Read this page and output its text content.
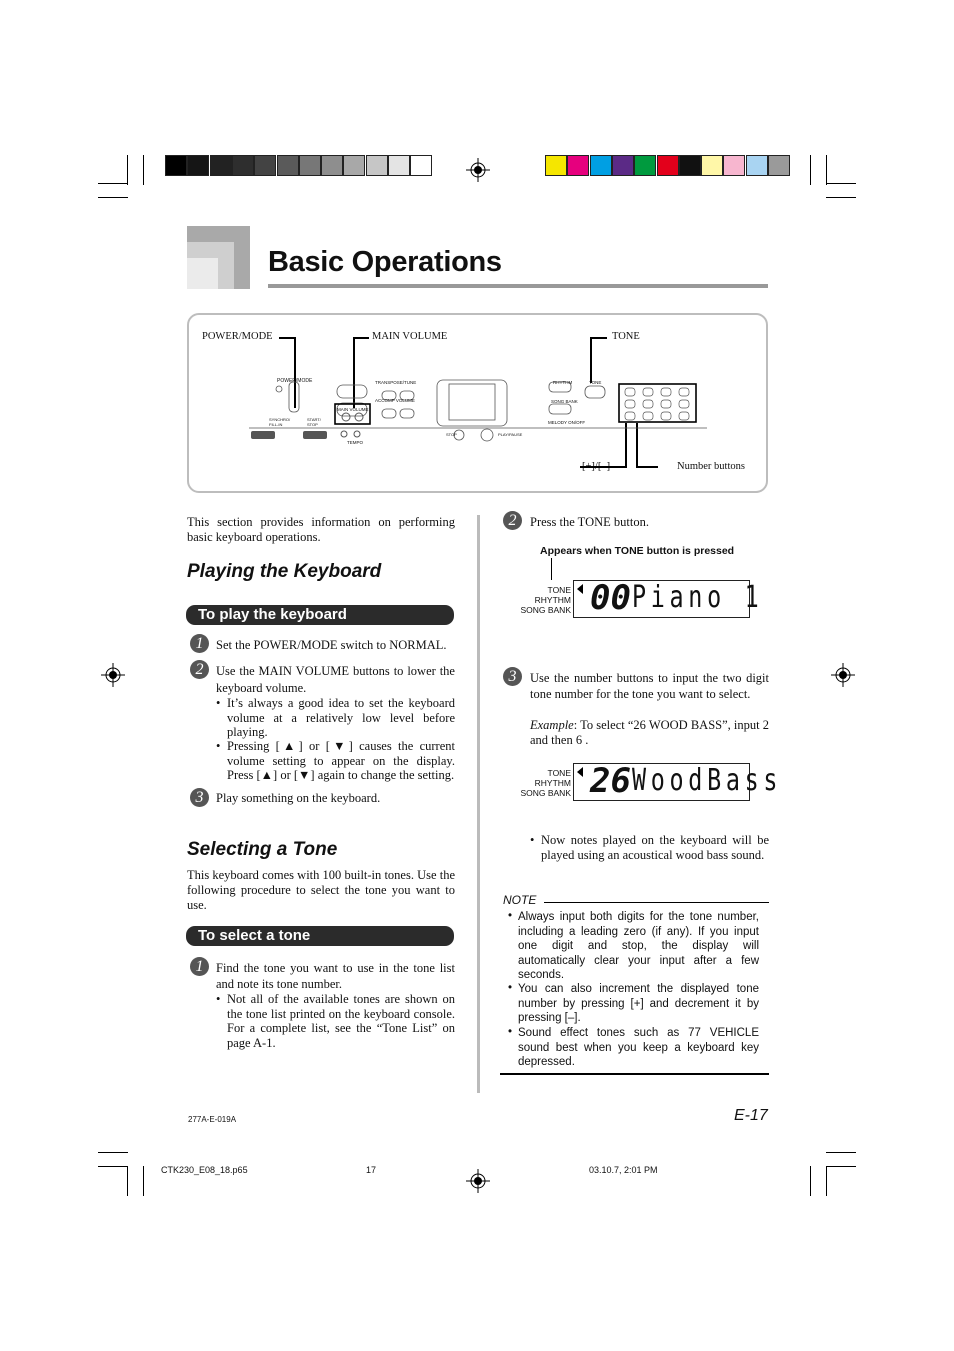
Basic Operations
POWER/MODE	MAIN VOLUME	TONE
[+]/[–]	Number buttons
POWER/MODE	TRANSPOSE/TUNE
ACCOMP VOLUME
MAIN VOLUME
TEMPO
RHYTHM
SONG BANK
MELODY ON/OFF
TONE
SYNCHRO/ FILL-IN
START/ STOP
PLAY/PAUSE
STOP
This section provides information on performing basic keyboard operations.
Playing the Keyboard
To play the keyboard
1	Set the POWER/MODE switch to NORMAL.
2	Use the MAIN VOLUME buttons to lower the keyboard volume.
• It’s always a good idea to set the keyboard volume at a relatively low level before playing.
• Pressing [▲] or [▼] causes the current volume setting to appear on the display. Press [▲] or [▼] again to change the setting.
3	Play something on the keyboard.
Selecting a Tone
This keyboard comes with 100 built-in tones. Use the following procedure to select the tone you want to use.
To select a tone
1	Find the tone you want to use in the tone list and note its tone number.
• Not all of the available tones are shown on the tone list printed on the keyboard console. For a complete list, see the “Tone List” on page A-1.
2	Press the TONE button.
Appears when TONE button is pressed
TONE
RHYTHM
SONG BANK 00 Piano 1
3	Use the number buttons to input the two digit tone number for the tone you want to select.
Example: To select “26 WOOD BASS”, input 2 and then 6 .
TONE
RHYTHM
SONG BANK 26 WoodBass
• Now notes played on the keyboard will be played using an acoustical wood bass sound.
NOTE
• Always input both digits for the tone number, including a leading zero (if any). If you input one digit and stop, the display will automatically clear your input after a few seconds.
• You can also increment the displayed tone number by pressing [+] and decrement it by pressing [–].
• Sound effect tones such as 77 VEHICLE sound best when you keep a keyboard key depressed.
277A-E-019A	E-17
CTK230_E08_18.p65	17	03.10.7, 2:01 PM
